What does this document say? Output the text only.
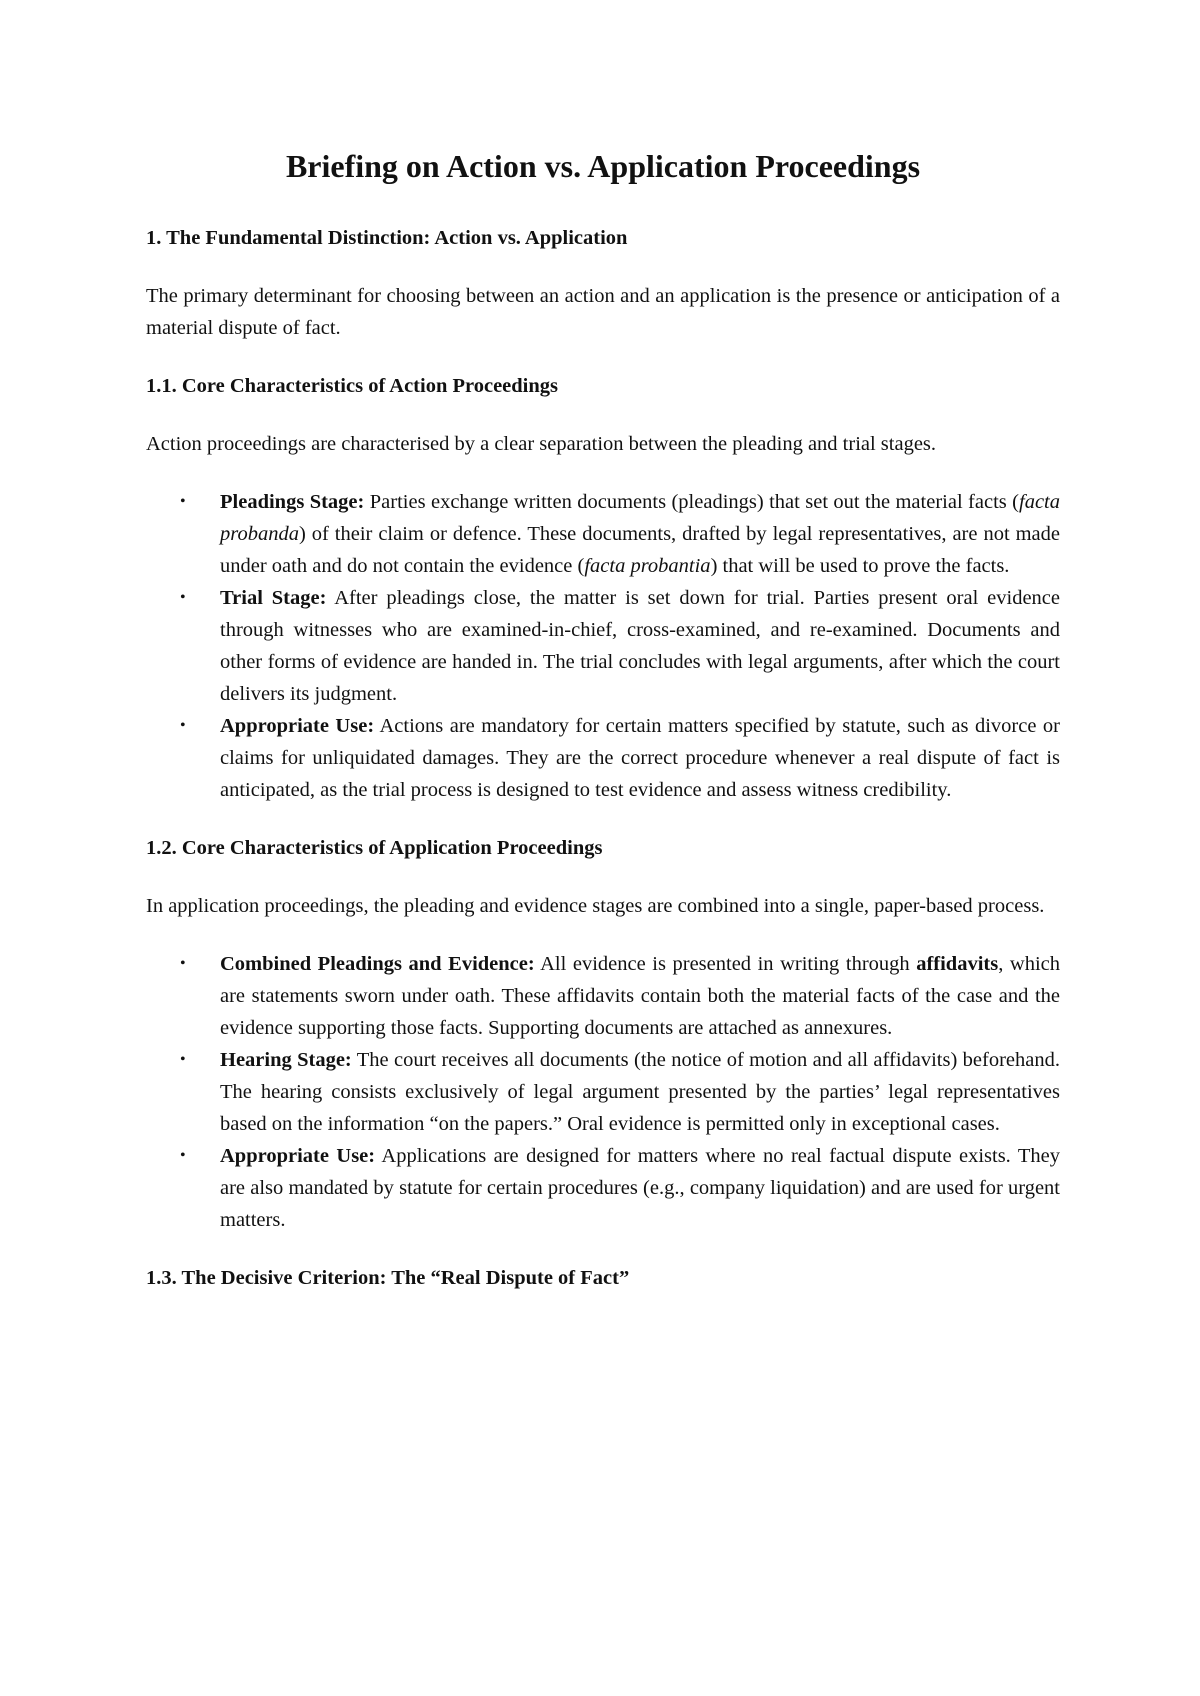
Briefing on Action vs. Application Proceedings
1. The Fundamental Distinction: Action vs. Application

The primary determinant for choosing between an action and an application is the presence or anticipation of a material dispute of fact.

1.1. Core Characteristics of Action Proceedings

Action proceedings are characterised by a clear separation between the pleading and trial stages.

• Pleadings Stage: Parties exchange written documents (pleadings) that set out the material facts (facta probanda) of their claim or defence. These documents, drafted by legal representatives, are not made under oath and do not contain the evidence (facta probantia) that will be used to prove the facts.
• Trial Stage: After pleadings close, the matter is set down for trial. Parties present oral evidence through witnesses who are examined-in-chief, cross-examined, and re-examined. Documents and other forms of evidence are handed in. The trial concludes with legal arguments, after which the court delivers its judgment.
• Appropriate Use: Actions are mandatory for certain matters specified by statute, such as divorce or claims for unliquidated damages. They are the correct procedure whenever a real dispute of fact is anticipated, as the trial process is designed to test evidence and assess witness credibility.
1.2. Core Characteristics of Application Proceedings

In application proceedings, the pleading and evidence stages are combined into a single, paper-based process.

• Combined Pleadings and Evidence: All evidence is presented in writing through affidavits, which are statements sworn under oath. These affidavits contain both the material facts of the case and the evidence supporting those facts. Supporting documents are attached as annexures.
• Hearing Stage: The court receives all documents (the notice of motion and all affidavits) beforehand. The hearing consists exclusively of legal argument presented by the parties’ legal representatives based on the information “on the papers.” Oral evidence is permitted only in exceptional cases.
• Appropriate Use: Applications are designed for matters where no real factual dispute exists. They are also mandated by statute for certain procedures (e.g., company liquidation) and are used for urgent matters.
1.3. The Decisive Criterion: The “Real Dispute of Fact”
